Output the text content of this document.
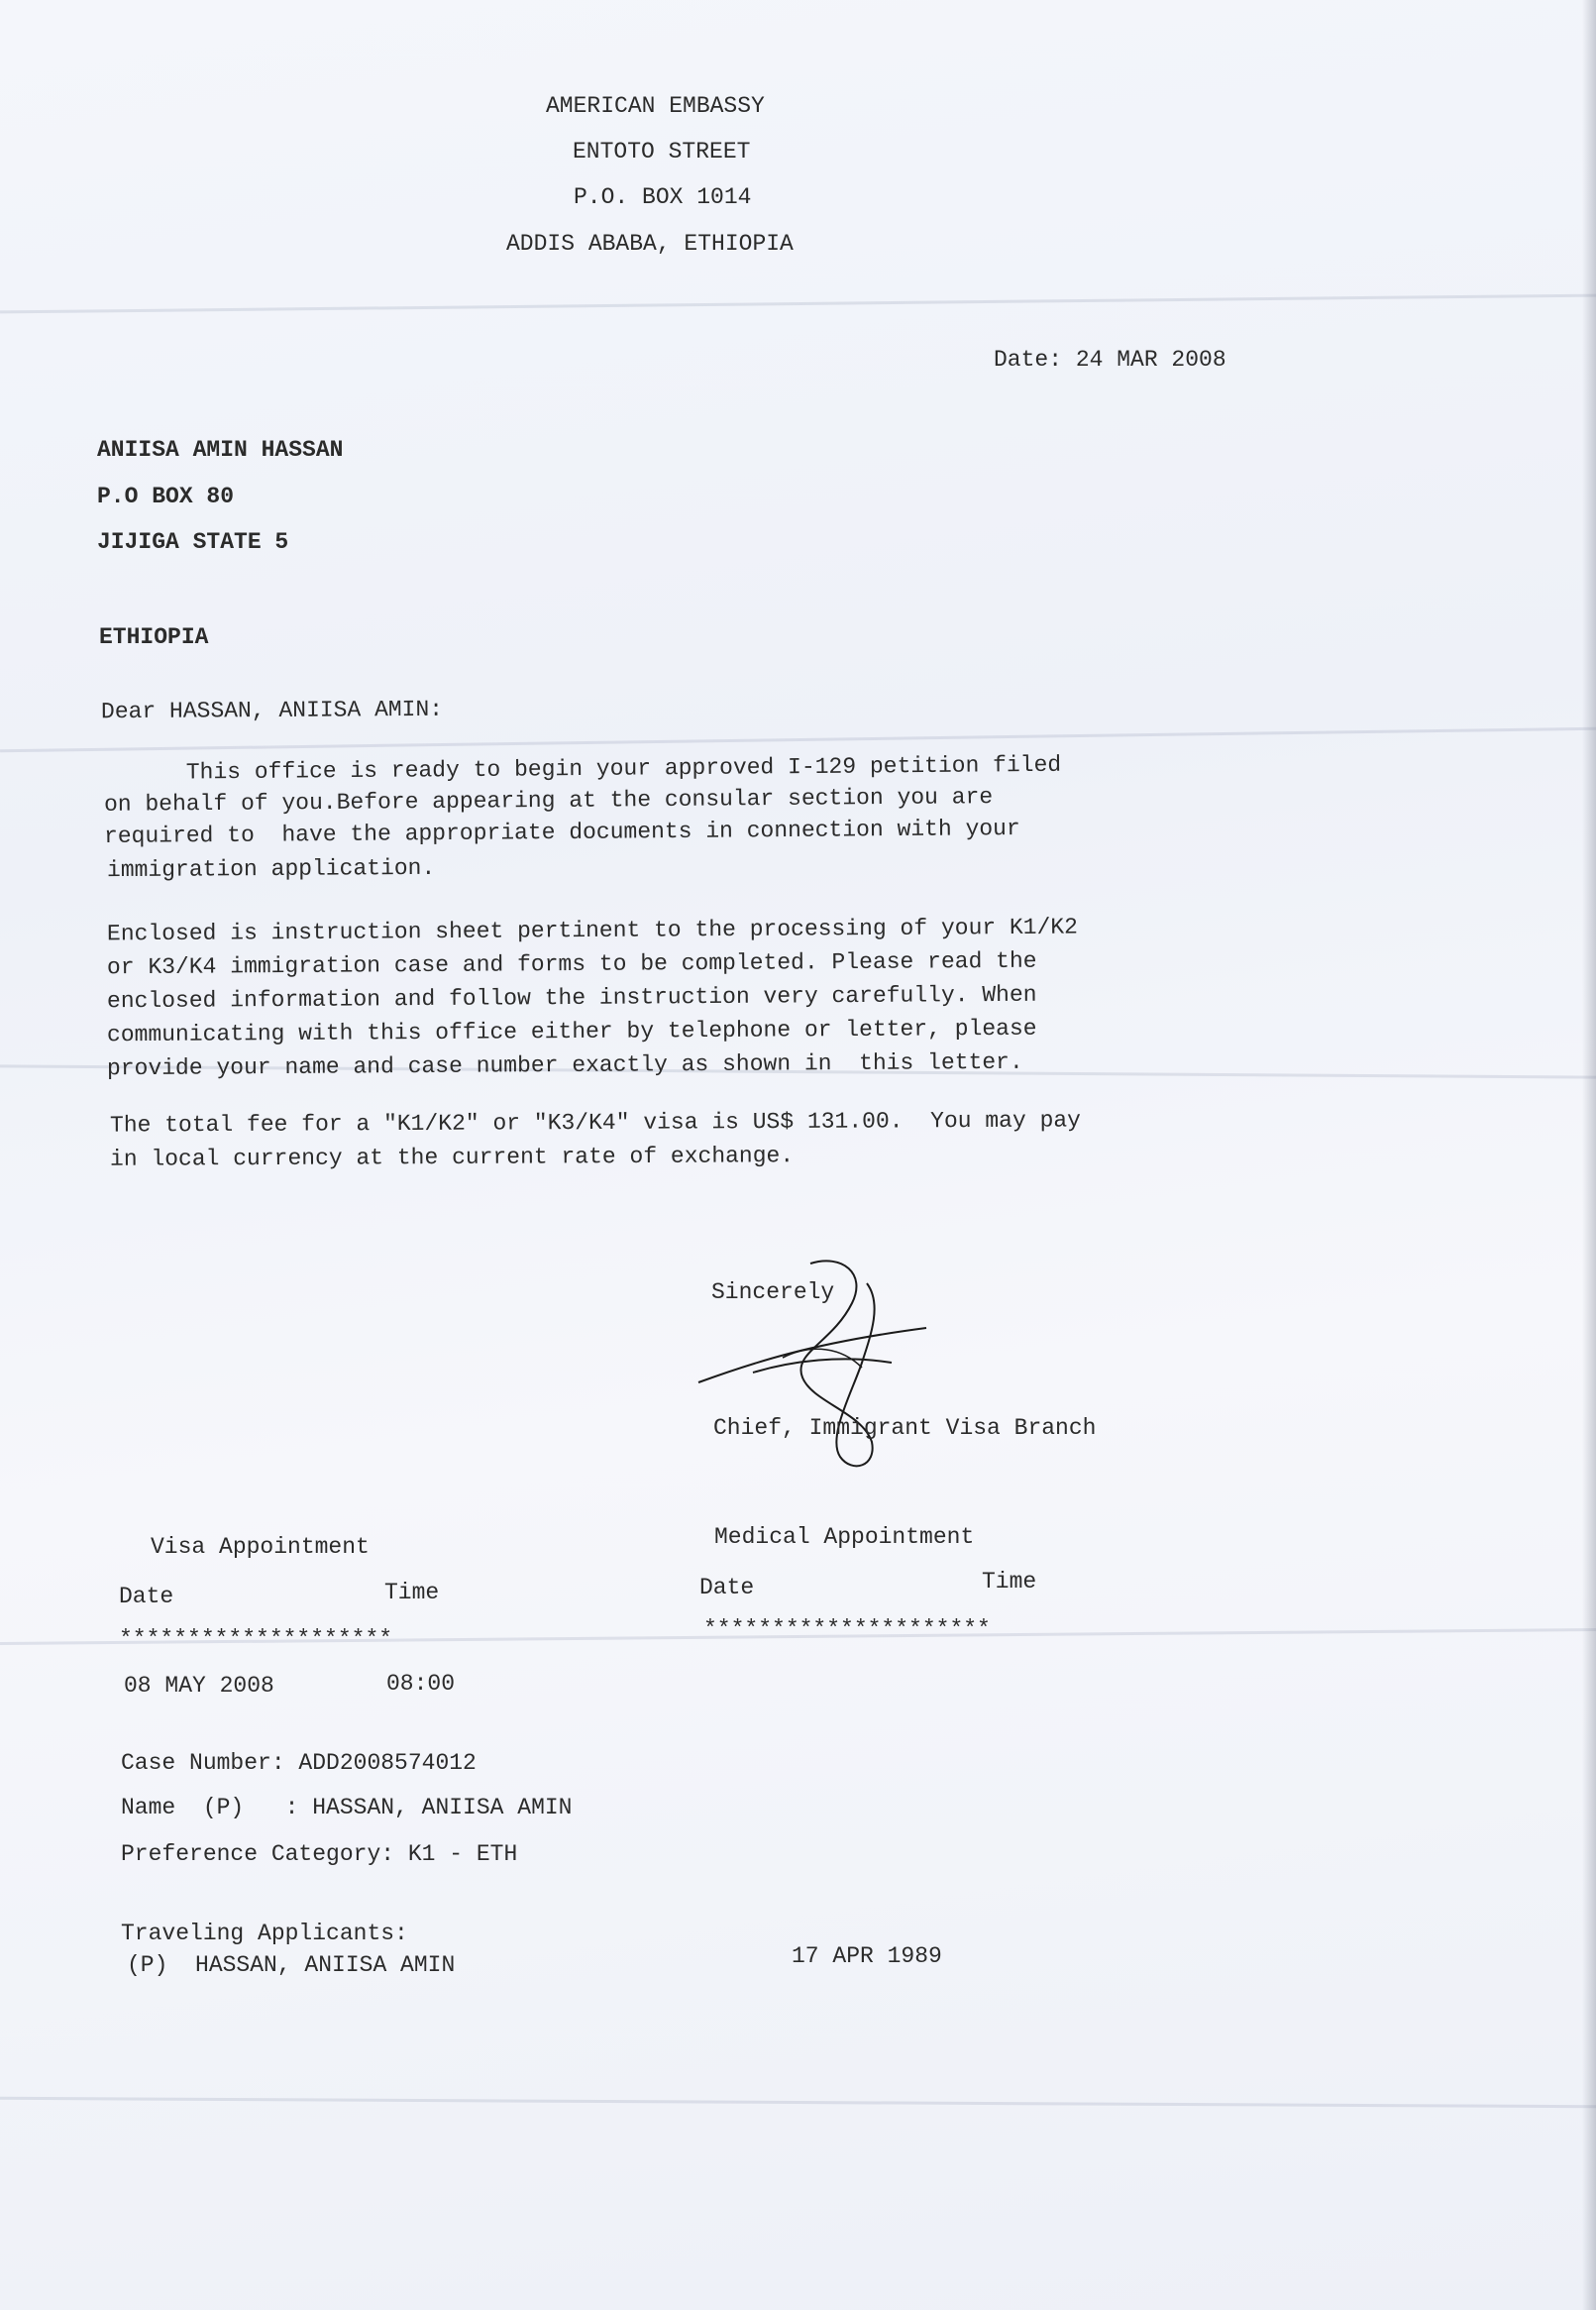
AMERICAN EMBASSY
ENTOTO STREET
P.O. BOX 1014
ADDIS ABABA, ETHIOPIA
Date: 24 MAR 2008
ANIISA AMIN HASSAN
P.O BOX 80
JIJIGA STATE 5
ETHIOPIA
Dear HASSAN, ANIISA AMIN:
This office is ready to begin your approved I-129 petition filed
on behalf of you.Before appearing at the consular section you are
required to  have the appropriate documents in connection with your
immigration application.
Enclosed is instruction sheet pertinent to the processing of your K1/K2
or K3/K4 immigration case and forms to be completed. Please read the
enclosed information and follow the instruction very carefully. When
communicating with this office either by telephone or letter, please
provide your name and case number exactly as shown in  this letter.
The total fee for a "K1/K2" or "K3/K4" visa is US$ 131.00.  You may pay
in local currency at the current rate of exchange.
Sincerely
Chief, Immigrant Visa Branch
Visa Appointment
Date	Time
********************
08 MAY 2008	08:00
Medical Appointment
Date	Time
*********************
Case Number: ADD2008574012
Name  (P)   : HASSAN, ANIISA AMIN
Preference Category: K1 - ETH
Traveling Applicants:
(P)  HASSAN, ANIISA AMIN	17 APR 1989
